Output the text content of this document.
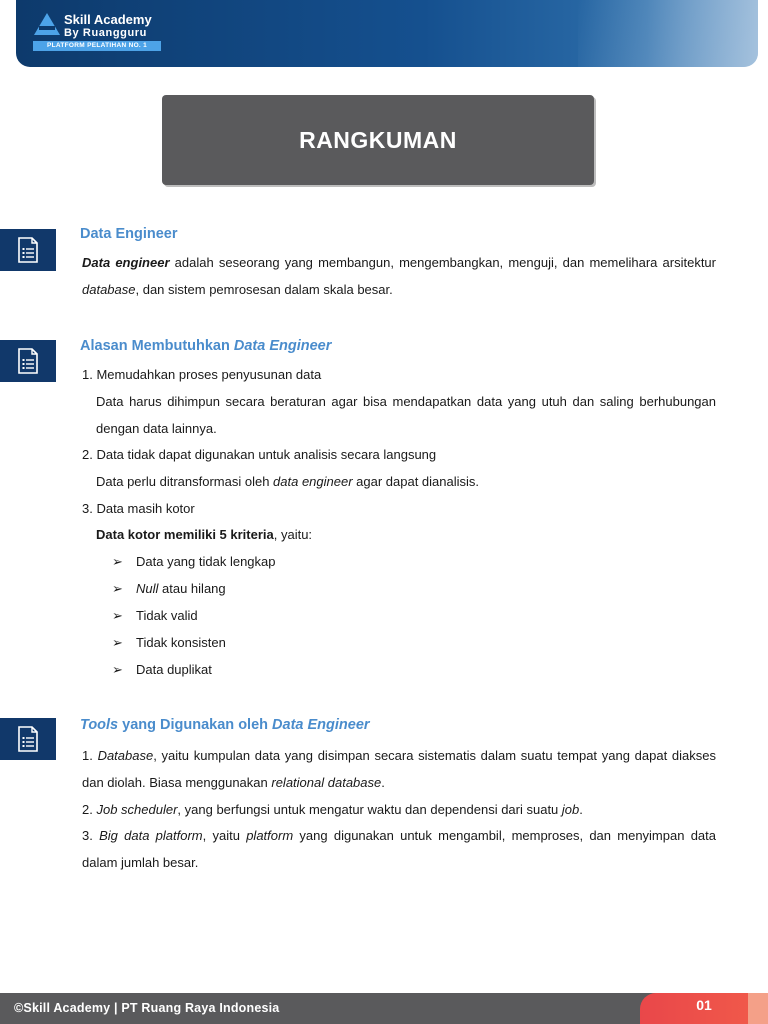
Skill Academy
By Ruangguru
PLATFORM PELATIHAN NO. 1
RANGKUMAN
Data Engineer
Data engineer adalah seseorang yang membangun, mengembangkan, menguji, dan memelihara arsitektur database, dan sistem pemrosesan dalam skala besar.
Alasan Membutuhkan Data Engineer
1. Memudahkan proses penyusunan data
Data harus dihimpun secara beraturan agar bisa mendapatkan data yang utuh dan saling berhubungan dengan data lainnya.
2. Data tidak dapat digunakan untuk analisis secara langsung
Data perlu ditransformasi oleh data engineer agar dapat dianalisis.
3. Data masih kotor
Data kotor memiliki 5 kriteria, yaitu:
➢ Data yang tidak lengkap
➢ Null atau hilang
➢ Tidak valid
➢ Tidak konsisten
➢ Data duplikat
Tools yang Digunakan oleh Data Engineer
1. Database, yaitu kumpulan data yang disimpan secara sistematis dalam suatu tempat yang dapat diakses dan diolah. Biasa menggunakan relational database.
2. Job scheduler, yang berfungsi untuk mengatur waktu dan dependensi dari suatu job.
3. Big data platform, yaitu platform yang digunakan untuk mengambil, memproses, dan menyimpan data dalam jumlah besar.
©Skill Academy | PT Ruang Raya Indonesia	01
